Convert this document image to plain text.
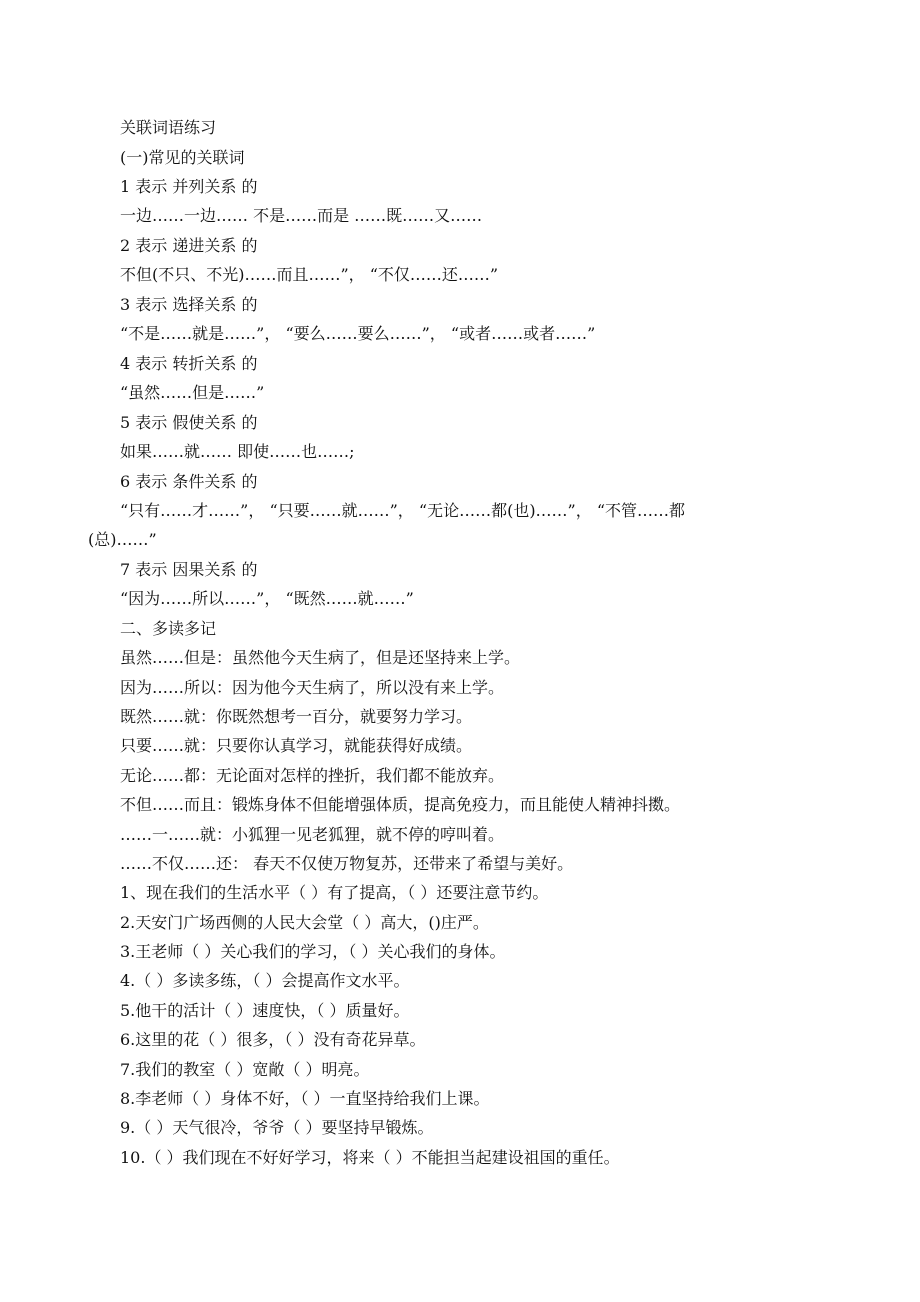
关联词语练习
(一)常见的关联词
1 表示 并列关系 的
一边……一边…… 不是……而是 ……既……又……
2 表示 递进关系 的
不但(不只、不光)……而且……”， “不仅……还……”
3 表示 选择关系 的
“不是……就是……”， “要么……要么……”， “或者……或者……”
4 表示 转折关系 的
“虽然……但是……”
5 表示 假使关系 的
如果……就…… 即使……也……;
6 表示 条件关系 的
“只有……才……”， “只要……就……”， “无论……都(也)……”， “不管……都
(总)……”
7 表示 因果关系 的
“因为……所以……”， “既然……就……”
二、多读多记
虽然……但是：虽然他今天生病了，但是还坚持来上学。
因为……所以：因为他今天生病了，所以没有来上学。
既然……就：你既然想考一百分，就要努力学习。
只要……就：只要你认真学习，就能获得好成绩。
无论……都：无论面对怎样的挫折，我们都不能放弃。
不但……而且：锻炼身体不但能增强体质，提高免疫力，而且能使人精神抖擞。
……一……就：小狐狸一见老狐狸，就不停的哼叫着。
……不仅……还： 春天不仅使万物复苏，还带来了希望与美好。
1、现在我们的生活水平（ ）有了提高，（ ）还要注意节约。
2.天安门广场西侧的人民大会堂（ ）高大，()庄严。
3.王老师（ ）关心我们的学习，（ ）关心我们的身体。
4.（ ）多读多练，（ ）会提高作文水平。
5.他干的活计（ ）速度快，（ ）质量好。
6.这里的花（ ）很多，（ ）没有奇花异草。
7.我们的教室（ ）宽敞（ ）明亮。
8.李老师（ ）身体不好，（ ）一直坚持给我们上课。
9.（ ）天气很冷，爷爷（ ）要坚持早锻炼。
10.（ ）我们现在不好好学习，将来（ ）不能担当起建设祖国的重任。
